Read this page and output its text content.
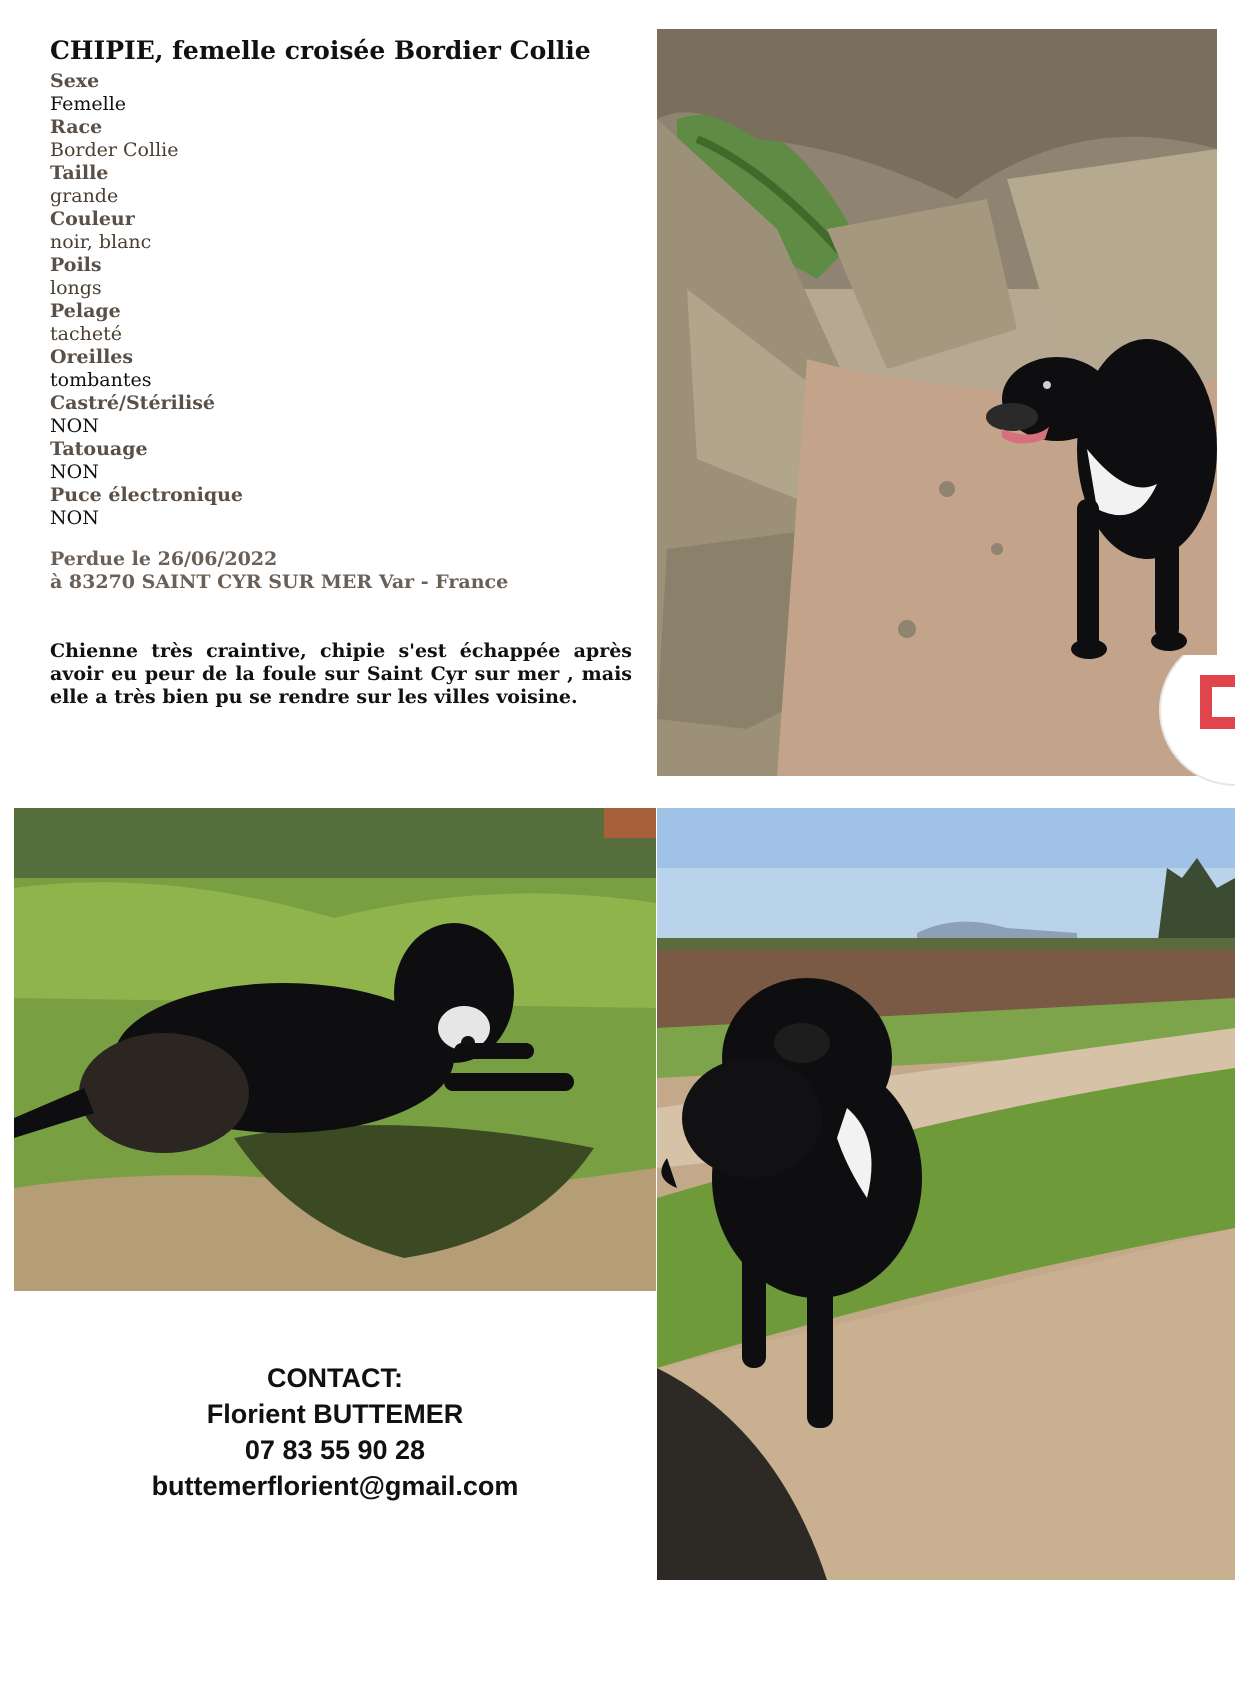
CHIPIE, femelle croisée Bordier Collie
Sexe
Femelle
Race
Border Collie
Taille
grande
Couleur
noir, blanc
Poils
longs
Pelage
tacheté
Oreilles
tombantes
Castré/Stérilisé
NON
Tatouage
NON
Puce électronique
NON
Perdue le 26/06/2022
à 83270 SAINT CYR SUR MER Var - France
Chienne très craintive, chipie s'est échappée après avoir eu peur de la foule sur Saint Cyr sur mer , mais elle a très bien pu se rendre sur les villes voisine.
CONTACT:
Florient BUTTEMER
07 83 55 90 28
buttemerflorient@gmail.com
